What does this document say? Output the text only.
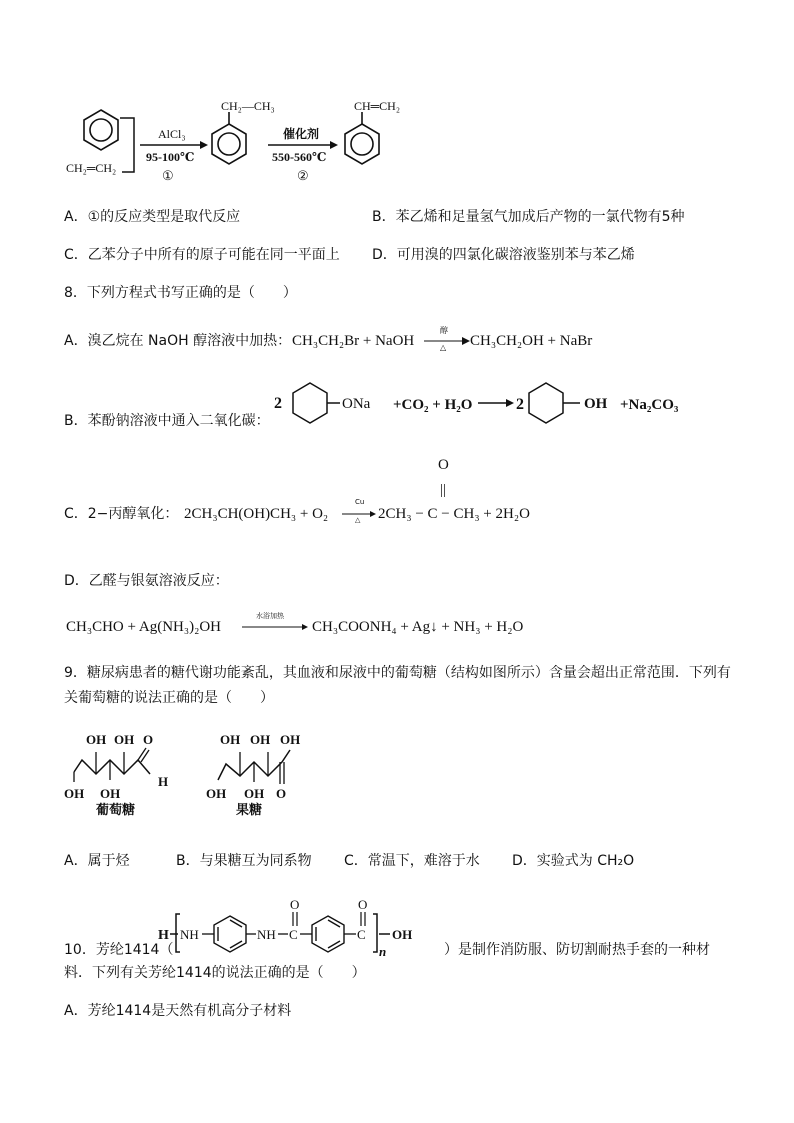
CH₂═CH₂
AlCl₃
95-100℃
①
CH₂—CH₃
催化剂
550-560℃
②
CH═CH₂
A．①的反应类型是取代反应	B．苯乙烯和足量氢气加成后产物的一氯代物有5种
C．乙苯分子中所有的原子可能在同一平面上 D．可用溴的四氯化碳溶液鉴别苯与苯乙烯
8．下列方程式书写正确的是（　　）
A．溴乙烷在 NaOH 醇溶液中加热： CH₃CH₂Br + NaOH
醇
△ CH₃CH₂OH + NaBr
B．苯酚钠溶液中通入二氧化碳：
2	ONa +CO₂ + H₂O	2	OH +Na₂CO₃
O
||
C．2−丙醇氧化： 2CH₃CH(OH)CH₃ + O₂
Cu
△ 2CH₃ − C − CH₃ + 2H₂O
D．乙醛与银氨溶液反应：
CH₃CHO + Ag(NH₃)₂OH
水浴加热
CH₃COONH₄ + Ag↓ + NH₃ + H₂O
9．糖尿病患者的糖代谢功能紊乱，其血液和尿液中的葡萄糖（结构如图所示）含量会超出正常范围．下列有
关葡萄糖的说法正确的是（　　）
OH OH O
H
OH OH
葡萄糖
OH OH OH
OH OH O
果糖
A．属于烃	B．与果糖互为同系物 C．常温下，难溶于水 D．实验式为 CH₂O
10．芳纶1414（
H NH	NH C
O
C
O
n
OH
）是制作消防服、防切割耐热手套的一种材
料．下列有关芳纶1414的说法正确的是（　　）
A．芳纶1414是天然有机高分子材料
